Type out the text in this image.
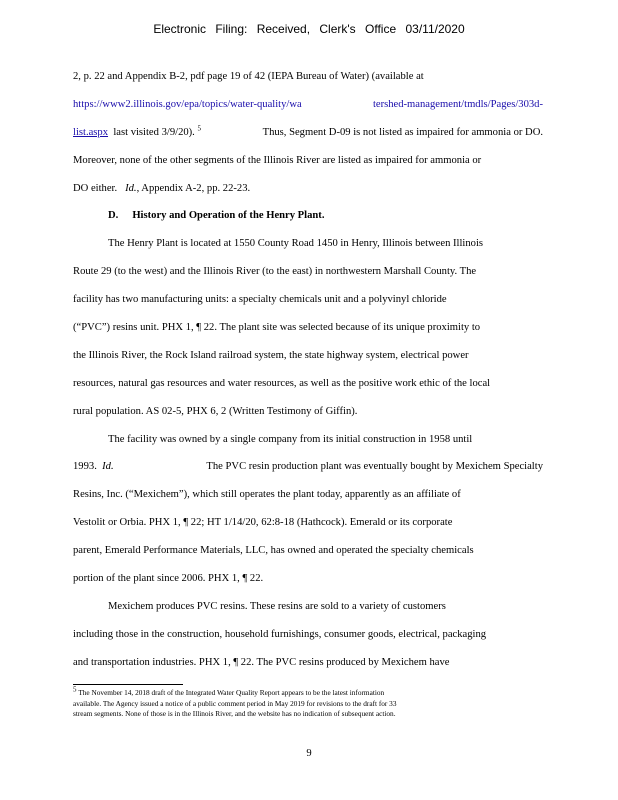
Electronic Filing: Received, Clerk's Office 03/11/2020
2, p. 22 and Appendix B-2, pdf page 19 of 42 (IEPA Bureau of Water) (available at
https://www2.illinois.gov/epa/topics/water-quality/wa	tershed-management/tmdls/Pages/303d-
list.aspx last visited 3/9/20). $^5$	Thus, Segment D-09 is not listed as impaired for ammonia or DO.
Moreover, none of the other segments of the Illinois River are listed as impaired for ammonia or
DO either.
Id. , Appendix A-2, pp. 22-23.
D. History and Operation of the Henry Plant.
The Henry Plant is located at 1550 County Road 1450 in Henry, Illinois between Illinois
Route 29 (to the west) and the Illinois River (to the east) in northwestern Marshall County. The
facility has two manufacturing units: a specialty chemicals unit and a polyvinyl chloride
(“PVC”) resins unit. PHX 1, ¶ 22. The plant site was selected because of its unique proximity to
the Illinois River, the Rock Island railroad system, the state highway system, electrical power
resources, natural gas resources and water resources, as well as the positive work ethic of the local
rural population. AS 02-5, PHX 6, 2 (Written Testimony of Giffin).
The facility was owned by a single company from its initial construction in 1958 until
1993. Id.	The PVC resin production plant was eventually bought by Mexichem Specialty
Resins, Inc. (“Mexichem”), which still operates the plant today, apparently as an affiliate of
Vestolit or Orbia. PHX 1, ¶ 22; HT 1/14/20, 62:8-18 (Hathcock). Emerald or its corporate
parent, Emerald Performance Materials, LLC, has owned and operated the specialty chemicals
portion of the plant since 2006. PHX 1, ¶ 22.
Mexichem produces PVC resins. These resins are sold to a variety of customers
including those in the construction, household furnishings, consumer goods, electrical, packaging
and transportation industries. PHX 1, ¶ 22. The PVC resins produced by Mexichem have
$^5$ The November 14, 2018 draft of the Integrated Water Quality Report appears to be the latest information
available. The Agency issued a notice of a public comment period in May 2019 for revisions to the draft for 33
stream segments. None of those is in the Illinois River, and the website has no indication of subsequent action.
9
